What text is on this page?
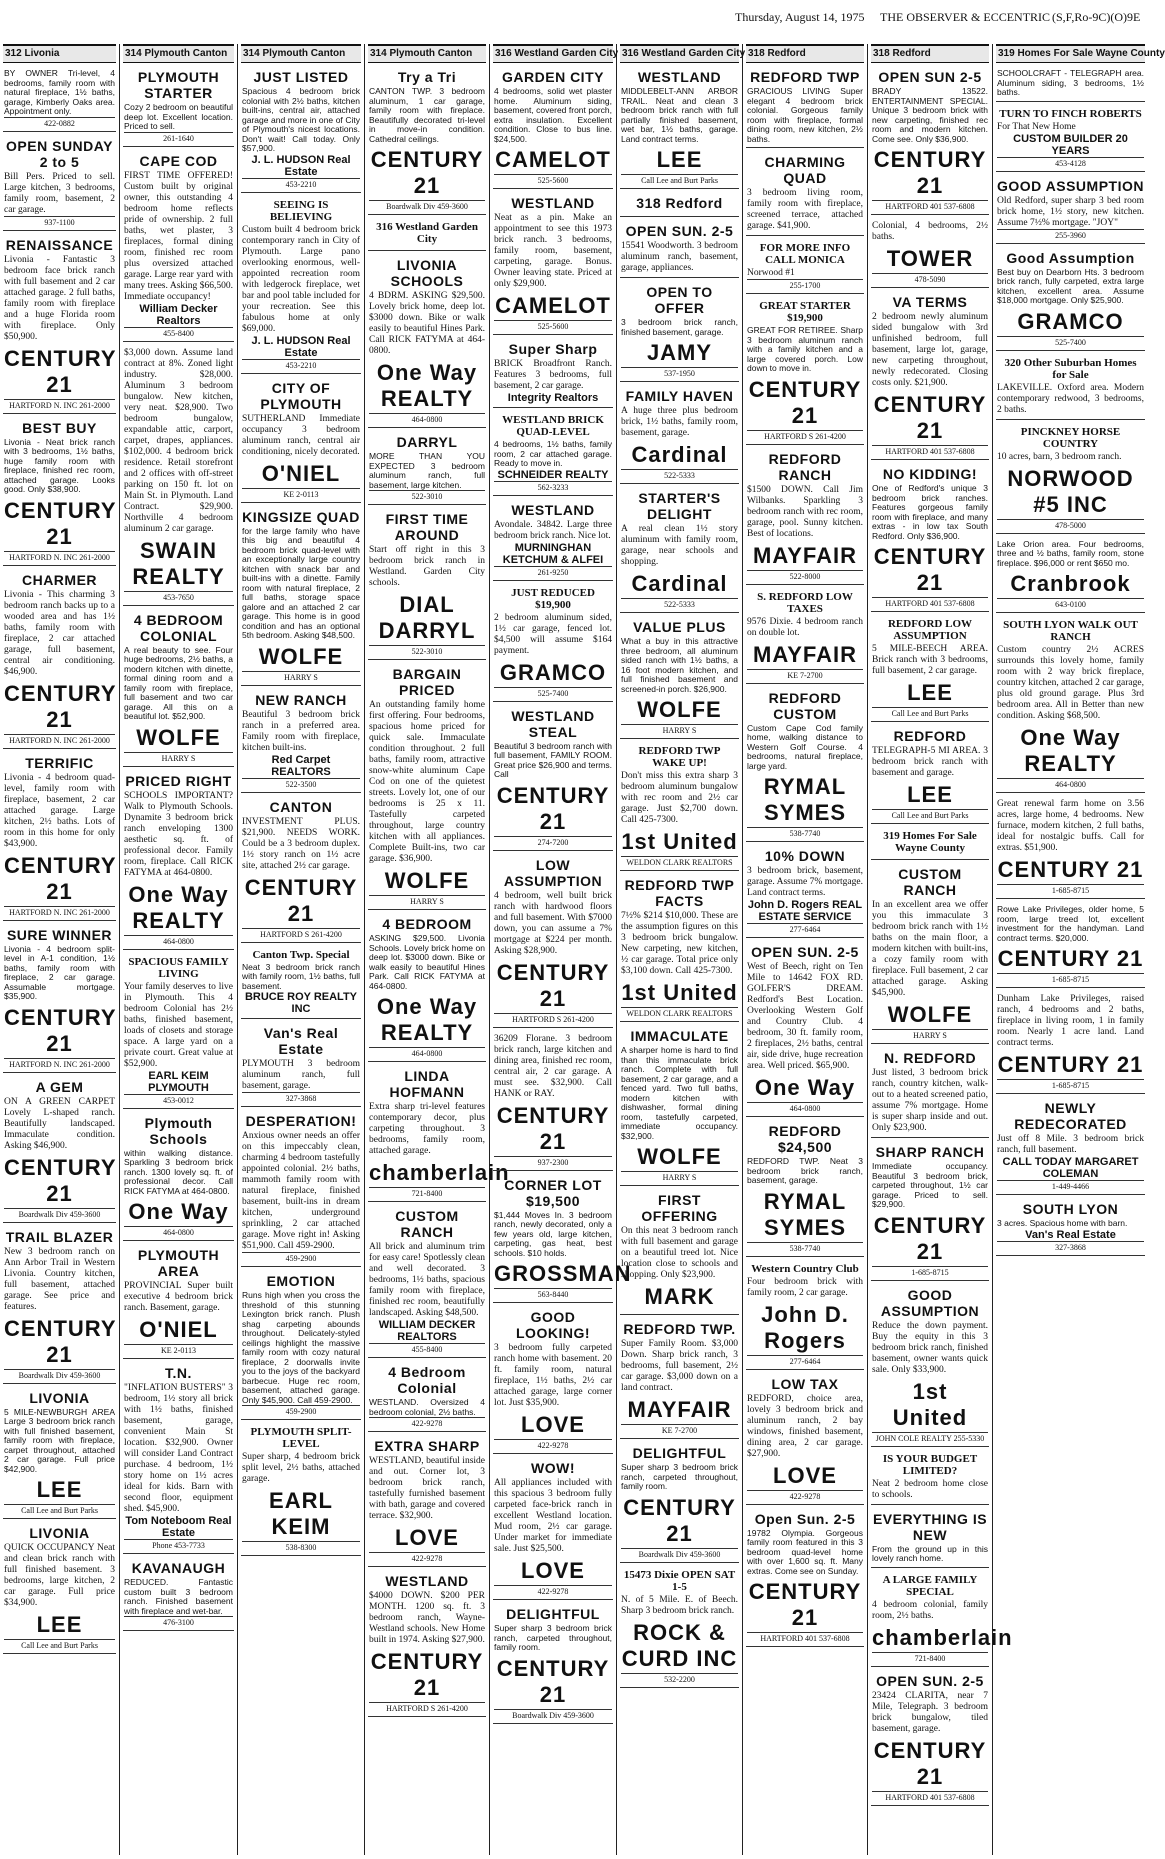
Thursday, August 14, 1975 THE OBSERVER & ECCENTRIC (S,F,Ro-9C)(O)9E
312 Livonia

BY OWNER Tri-level, 4 bedrooms, family room with natural fireplace, 1½ baths, garage, Kimberly Oaks area. Appointment only.

422-0882
OPEN SUNDAY 2 to 5

Bill Pers. Priced to sell. Large kitchen, 3 bedrooms, family room, basement, 2 car garage.

937-1100
RENAISSANCE

Livonia - Fantastic 3 bedroom face brick ranch with full basement and 2 car attached garage. 2 full baths, family room with fireplace and a huge Florida room with fireplace. Only $50,900.

CENTURY 21
HARTFORD N. INC 261-2000
BEST BUY

Livonia - Neat brick ranch with 3 bedrooms, 1½ baths, huge family room with fireplace, finished rec room, attached garage. Looks good. Only $38,900.

CENTURY 21
HARTFORD N. INC 261-2000
CHARMER

Livonia - This charming 3 bedroom ranch backs up to a wooded area and has 1½ baths, family room with fireplace, 2 car attached garage, full basement, central air conditioning. $46,900.

CENTURY 21
HARTFORD N. INC 261-2000
TERRIFIC

Livonia - 4 bedroom quad-level, family room with fireplace, basement, 2 car attached garage. Large kitchen, 2½ baths. Lots of room in this home for only $43,900.

CENTURY 21
HARTFORD N. INC 261-2000
SURE WINNER

Livonia - 4 bedroom split-level in A-1 condition, 1½ baths, family room with fireplace, 2 car garage. Assumable mortgage. $35,900.

CENTURY 21
HARTFORD N. INC 261-2000
A GEM

ON A GREEN CARPET Lovely L-shaped ranch. Beautifully landscaped. Immaculate condition. Asking $46,900.

CENTURY 21
Boardwalk Div 459-3600
TRAIL BLAZER

New 3 bedroom ranch on Ann Arbor Trail in Western Livonia. Country kitchen, full basement, attached garage. See price and features.

CENTURY 21
Boardwalk Div 459-3600
LIVONIA

5 MILE-NEWBURGH AREA Large 3 bedroom brick ranch with full finished basement, family room with fireplace, carpet throughout, attached 2 car garage. Full price $42,900.

LEE
Call Lee and Burt Parks
LIVONIA

QUICK OCCUPANCY Neat and clean brick ranch with full finished basement. 3 bedrooms, large kitchen, 2 car garage. Full price $34,900.

LEE
Call Lee and Burt Parks
314 Plymouth Canton
PLYMOUTH STARTER

Cozy 2 bedroom on beautiful deep lot. Excellent location. Priced to sell.

261-1640
CAPE COD

FIRST TIME OFFERED! Custom built by original owner, this outstanding 4 bedroom home reflects pride of ownership. 2 full baths, wet plaster, 3 fireplaces, formal dining room, finished rec room plus oversized attached garage. Large rear yard with many trees. Asking $66,500. Immediate occupancy!

William Decker Realtors
455-8400

$3,000 down. Assume land contract at 8%. Zoned light industry. $28,000. Aluminum 3 bedroom bungalow. New kitchen, very neat. $28,900. Two bedroom bungalow, expandable attic, carport, carpet, drapes, appliances. $102,000. 4 bedroom brick residence. Retail storefront and 2 offices with off-street parking on 150 ft. lot on Main St. in Plymouth. Land Contract. $29,900. Northville 4 bedroom aluminum 2 car garage.

SWAIN REALTY
453-7650
4 BEDROOM COLONIAL

A real beauty to see. Four huge bedrooms, 2½ baths, a modern kitchen with dinette, formal dining room and a family room with fireplace, full basement and two car garage. All this on a beautiful lot. $52,900.

WOLFE
HARRY S
PRICED RIGHT

SCHOOLS IMPORTANT? Walk to Plymouth Schools. Dynamite 3 bedroom brick ranch enveloping 1300 aesthetic sq. ft. of professional decor. Family room, fireplace. Call RICK FATYMA at 464-0800.

One Way REALTY
464-0800
SPACIOUS FAMILY LIVING

Your family deserves to live in Plymouth. This 4 bedroom Colonial has 2½ baths, finished basement, loads of closets and storage space. A large yard on a private court. Great value at $52,900.

EARL KEIM PLYMOUTH
453-0012
Plymouth Schools

within walking distance. Sparkling 3 bedroom brick ranch. 1300 lovely sq. ft. of professional decor. Call RICK FATYMA at 464-0800.

One Way
464-0800
PLYMOUTH AREA

PROVINCIAL Super built executive 4 bedroom brick ranch. Basement, garage.

O'NIEL
KE 2-0113
T.N.

"INFLATION BUSTERS" 3 bedroom, 1½ story all brick with 1½ baths, finished basement, garage, convenient Main St location. $32,900. Owner will consider Land Contract purchase. 4 bedroom, 1½ story home on 1½ acres ideal for kids. Barn with second floor, equipment shed. $45,900.

Tom Noteboom Real Estate
Phone 453-7733
KAVANAUGH

REDUCED. Fantastic custom built 3 bedroom ranch. Finished basement with fireplace and wet-bar.

476-3100
314 Plymouth Canton
JUST LISTED

Spacious 4 bedroom brick colonial with 2½ baths, kitchen built-ins, central air, attached garage and more in one of City of Plymouth's nicest locations. Don't wait! Call today. Only $57,900.

J. L. HUDSON Real Estate
453-2210
SEEING IS BELIEVING

Custom built 4 bedroom brick contemporary ranch in City of Plymouth. Large pano overlooking enormous, well-appointed recreation room with ledgerock fireplace, wet bar and pool table included for your recreation. See this fabulous home at only $69,000.

J. L. HUDSON Real Estate
453-2210
CITY OF PLYMOUTH

SUTHERLAND Immediate occupancy 3 bedroom aluminum ranch, central air conditioning, nicely decorated.

O'NIEL
KE 2-0113
KINGSIZE QUAD

for the large family who have this big and beautiful 4 bedroom brick quad-level with an exceptionally large country kitchen with snack bar and built-ins with a dinette. Family room with natural fireplace, 2 full baths, storage space galore and an attached 2 car garage. This home is in good condition and has an optional 5th bedroom. Asking $48,500.

WOLFE
HARRY S
NEW RANCH

Beautiful 3 bedroom brick ranch in a preferred area. Family room with fireplace, kitchen built-ins.

Red Carpet REALTORS
522-3500
CANTON

INVESTMENT PLUS. $21,900. NEEDS WORK. Could be a 3 bedroom duplex. 1½ story ranch on 1½ acre site, attached 2½ car garage.

CENTURY 21
HARTFORD S 261-4200
Canton Twp. Special

Neat 3 bedroom brick ranch with family room, 1½ baths, full basement.

BRUCE ROY REALTY INC
Van's Real Estate

PLYMOUTH 3 bedroom aluminum ranch, full basement, garage.

327-3868
DESPERATION!

Anxious owner needs an offer on this impeccably clean, charming 4 bedroom tastefully appointed colonial. 2½ baths, mammoth family room with natural fireplace, finished basement, built-ins in dream kitchen, underground sprinkling, 2 car attached garage. Move right in! Asking $51,900. Call 459-2900.

459-2900
EMOTION

Runs high when you cross the threshold of this stunning Lexington brick ranch. Plush shag carpeting abounds throughout. Delicately-styled ceilings highlight the massive family room with cozy natural fireplace, 2 doorwalls invite you to the joys of the backyard barbecue. Huge rec room, basement, attached garage. Only $45,900. Call 459-2900.

459-2900
PLYMOUTH SPLIT-LEVEL

Super sharp, 4 bedroom brick split level, 2½ baths, attached garage.

EARL KEIM
538-8300
314 Plymouth Canton
Try a Tri

CANTON TWP. 3 bedroom aluminum, 1 car garage, family room with fireplace. Beautifully decorated tri-level in move-in condition. Cathedral ceilings.

CENTURY 21
Boardwalk Div 459-3600
316 Westland Garden City
LIVONIA SCHOOLS

4 BDRM. ASKING $29,500. Lovely brick home, deep lot. $3000 down. Bike or walk easily to beautiful Hines Park. Call RICK FATYMA at 464-0800.

One Way REALTY
464-0800
DARRYL

MORE THAN YOU EXPECTED 3 bedroom aluminum ranch, full basement, large kitchen.

522-3010
FIRST TIME AROUND

Start off right in this 3 bedroom brick ranch in Westland. Garden City schools.

DIAL DARRYL
522-3010
BARGAIN PRICED

An outstanding family home first offering. Four bedrooms, spacious home priced for quick sale. Immaculate condition throughout. 2 full baths, family room, attractive snow-white aluminum Cape Cod on one of the quietest streets. Lovely lot, one of our bedrooms is 25 x 11. Tastefully carpeted throughout, large country kitchen with all appliances. Complete Built-ins, two car garage. $36,900.

WOLFE
HARRY S
4 BEDROOM

ASKING $29,500. Livonia Schools. Lovely brick home on deep lot. $3000 down. Bike or walk easily to beautiful Hines Park. Call RICK FATYMA at 464-0800.

One Way REALTY
464-0800
LINDA HOFMANN

Extra sharp tri-level features contemporary decor, plus carpeting throughout. 3 bedrooms, family room, attached garage.

chamberlain
721-8400
CUSTOM RANCH

All brick and aluminum trim for easy care! Spotlessly clean and well decorated. 3 bedrooms, 1½ baths, spacious family room with fireplace, finished rec room, beautifully landscaped. Asking $48,500.

WILLIAM DECKER REALTORS
455-8400
4 Bedroom Colonial

WESTLAND. Oversized 4 bedroom colonial, 2½ baths.

422-9278
EXTRA SHARP

WESTLAND, beautiful inside and out. Corner lot, 3 bedroom brick ranch, tastefully furnished basement with bath, garage and covered terrace. $32,900.

LOVE
422-9278
WESTLAND

$4000 DOWN. $200 PER MONTH. 1200 sq. ft. 3 bedroom ranch, Wayne-Westland schools. New Home built in 1974. Asking $27,900.

CENTURY 21
HARTFORD S 261-4200
316 Westland Garden City
GARDEN CITY

4 bedrooms, solid wet plaster home. Aluminum siding, basement, covered front porch, extra insulation. Excellent condition. Close to bus line. $24,500.

CAMELOT
525-5600
WESTLAND

Neat as a pin. Make an appointment to see this 1973 brick ranch. 3 bedrooms, family room, basement, carpeting, garage. Bonus. Owner leaving state. Priced at only $29,900.

CAMELOT
525-5600
Super Sharp

BRICK Broadfront Ranch. Features 3 bedrooms, full basement, 2 car garage.

Integrity Realtors
WESTLAND BRICK QUAD-LEVEL

4 bedrooms, 1½ baths, family room, 2 car attached garage. Ready to move in.

SCHNEIDER REALTY
562-3233
WESTLAND

Avondale. 34842. Large three bedroom brick ranch. Nice lot.

MURNINGHAN KETCHUM & ALFEI
261-9250
JUST REDUCED $19,900

2 bedroom aluminum sided, 1½ car garage, fenced lot. $4,500 will assume $164 payment.

GRAMCO
525-7400
WESTLAND STEAL

Beautiful 3 bedroom ranch with full basement, FAMILY ROOM. Great price $26,900 and terms. Call

CENTURY 21
274-7200
LOW ASSUMPTION

4 bedroom, well built brick ranch with hardwood floors and full basement. With $7000 down, you can assume a 7% mortgage at $224 per month. Asking $28,900.

CENTURY 21
HARTFORD S 261-4200

36209 Florane. 3 bedroom brick ranch, large kitchen and dining area, finished rec room, central air, 2 car garage. A must see. $32,900. Call HANK or RAY.

CENTURY 21
937-2300
CORNER LOT $19,500

$1,444 Moves In. 3 bedroom ranch, newly decorated, only a few years old, large kitchen, carpeting, gas heat, best schools. $10 holds.

GROSSMAN
563-8440
GOOD LOOKING!

3 bedroom fully carpeted ranch home with basement. 20 ft. family room, natural fireplace, 1½ baths, 2½ car attached garage, large corner lot. Just $35,900.

LOVE
422-9278
WOW!

All appliances included with this spacious 3 bedroom fully carpeted face-brick ranch in excellent Westland location. Mud room, 2½ car garage. Under market for immediate sale. Just $25,500.

LOVE
422-9278
DELIGHTFUL

Super sharp 3 bedroom brick ranch, carpeted throughout, family room.

CENTURY 21
Boardwalk Div 459-3600
316 Westland Garden City
WESTLAND

MIDDLEBELT-ANN ARBOR TRAIL. Neat and clean 3 bedroom brick ranch with full partially finished basement, wet bar, 1½ baths, garage. Land contract terms.

LEE
Call Lee and Burt Parks
318 Redford
OPEN SUN. 2-5

15541 Woodworth. 3 bedroom aluminum ranch, basement, garage, appliances.

OPEN TO OFFER

3 bedroom brick ranch, finished basement, garage.

JAMY
537-1950
FAMILY HAVEN

A huge three plus bedroom brick, 1½ baths, family room, basement, garage.

Cardinal
522-5333
STARTER'S DELIGHT

A real clean 1½ story aluminum with family room, garage, near schools and shopping.

Cardinal
522-5333
VALUE PLUS

What a buy in this attractive three bedroom, all aluminum sided ranch with 1½ baths, a 16 foot modern kitchen, and full finished basement and screened-in porch. $26,900.

WOLFE
HARRY S
REDFORD TWP WAKE UP!

Don't miss this extra sharp 3 bedroom aluminum bungalow with rec room and 2½ car garage. Just $2,700 down. Call 425-7300.

1st United
WELDON CLARK REALTORS
REDFORD TWP FACTS

7½% $214 $10,000. These are the assumption figures on this 3 bedroom brick bungalow. New carpeting, new kitchen, ½ car garage. Total price only $3,100 down. Call 425-7300.

1st United
WELDON CLARK REALTORS
IMMACULATE

A sharper home is hard to find than this immaculate brick ranch. Complete with full basement, 2 car garage, and a fenced yard. Two full baths, modern kitchen with dishwasher, formal dining room, tastefully carpeted, immediate occupancy. $32,900.

WOLFE
HARRY S
FIRST OFFERING

On this neat 3 bedroom ranch with full basement and garage on a beautiful treed lot. Nice location close to schools and shopping. Only $23,900.

MARK
REDFORD TWP.

Super Family Room. $3,000 Down. Sharp brick ranch, 3 bedrooms, full basement, 2½ car garage. $3,000 down on a land contract.

MAYFAIR
KE 7-2700
DELIGHTFUL

Super sharp 3 bedroom brick ranch, carpeted throughout, family room.

CENTURY 21
Boardwalk Div 459-3600
15473 Dixie OPEN SAT 1-5

N. of 5 Mile. E. of Beech. Sharp 3 bedroom brick ranch.

ROCK & CURD INC
532-2200
318 Redford
REDFORD TWP

GRACIOUS LIVING Super elegant 4 bedroom brick colonial. Gorgeous family room with fireplace, formal dining room, new kitchen, 2½ baths.

CHARMING QUAD

3 bedroom living room, family room with fireplace, screened terrace, attached garage. $41,900.

FOR MORE INFO CALL MONICA

Norwood #1

255-1700
GREAT STARTER $19,900

GREAT FOR RETIREE. Sharp 3 bedroom aluminum ranch with a family kitchen and a large covered porch. Low down to move in.

CENTURY 21
HARTFORD S 261-4200
REDFORD RANCH

$1500 DOWN. Call Jim Wilbanks. Sparkling 3 bedroom ranch with rec room, garage, pool. Sunny kitchen. Best of locations.

MAYFAIR
522-8000
S. REDFORD LOW TAXES

9576 Dixie. 4 bedroom ranch on double lot.

MAYFAIR
KE 7-2700
REDFORD CUSTOM

Custom Cape Cod family home, walking distance to Western Golf Course. 4 bedrooms, natural fireplace, large yard.

RYMAL SYMES
538-7740
10% DOWN

3 bedroom brick, basement, garage. Assume 7% mortgage. Land contract terms.

John D. Rogers REAL ESTATE SERVICE
277-6464
OPEN SUN. 2-5

West of Beech, right on Ten Mile to 14642 FOX RD. GOLFER'S DREAM. Redford's Best Location. Overlooking Western Golf and Country Club. 4 bedroom, 30 ft. family room, 2 fireplaces, 2½ baths, central air, side drive, huge recreation area. Well priced. $65,900.

One Way
464-0800
REDFORD $24,500

REDFORD TWP. Neat 3 bedroom brick ranch, basement, garage.

RYMAL SYMES
538-7740
Western Country Club

Four bedroom brick with family room, 2 car garage.

John D. Rogers
277-6464
LOW TAX

REDFORD, choice area, lovely 3 bedroom brick and aluminum ranch, 2 bay windows, finished basement, dining area, 2 car garage. $27,900.

LOVE
422-9278
Open Sun. 2-5

19782 Olympia. Gorgeous family room featured in this 3 bedroom quad-level home with over 1,600 sq. ft. Many extras. Come see on Sunday.

CENTURY 21
HARTFORD 401 537-6808
318 Redford
OPEN SUN 2-5

BRADY 13522. ENTERTAINMENT SPECIAL. Unique 3 bedroom brick with new carpeting, finished rec room and modern kitchen. Come see. Only $36,900.

CENTURY 21
HARTFORD 401 537-6808

Colonial, 4 bedrooms, 2½ baths.

TOWER
478-5090
VA TERMS

2 bedroom newly aluminum sided bungalow with 3rd unfinished bedroom, full basement, large lot, garage, new carpeting throughout, newly redecorated. Closing costs only. $21,900.

CENTURY 21
HARTFORD 401 537-6808
NO KIDDING!

One of Redford's unique 3 bedroom brick ranches. Features gorgeous family room with fireplace, and many extras - in low tax South Redford. Only $36,900.

CENTURY 21
HARTFORD 401 537-6808
REDFORD LOW ASSUMPTION

5 MILE-BEECH AREA. Brick ranch with 3 bedrooms, full basement, 2 car garage.

LEE
Call Lee and Burt Parks
REDFORD

TELEGRAPH-5 MI AREA. 3 bedroom brick ranch with basement and garage.

LEE
Call Lee and Burt Parks
319 Homes For Sale Wayne County
CUSTOM RANCH

In an excellent area we offer you this immaculate 3 bedroom brick ranch with 1½ baths on the main floor, a modern kitchen with built-ins, a cozy family room with fireplace. Full basement, 2 car attached garage. Asking $45,900.

WOLFE
HARRY S
N. REDFORD

Just listed, 3 bedroom brick ranch, country kitchen, walk-out to a heated screened patio, assume 7% mortgage. Home is super sharp inside and out. Only $23,900.

SHARP RANCH

Immediate occupancy. Beautiful 3 bedroom brick, carpeted throughout, 1½ car garage. Priced to sell. $29,900.

CENTURY 21
1-685-8715
GOOD ASSUMPTION

Reduce the down payment. Buy the equity in this 3 bedroom brick ranch, finished basement, owner wants quick sale. Only $33,900.

1st United
JOHN COLE REALTY 255-5330
IS YOUR BUDGET LIMITED?

Neat 2 bedroom home close to schools.

EVERYTHING IS NEW

From the ground up in this lovely ranch home.

A LARGE FAMILY SPECIAL

4 bedroom colonial, family room, 2½ baths.

chamberlain
721-8400
OPEN SUN. 2-5

23424 CLARITA, near 7 Mile, Telegraph. 3 bedroom brick bungalow, tiled basement, garage.

CENTURY 21
HARTFORD 401 537-6808
319 Homes For Sale Wayne County

SCHOOLCRAFT - TELEGRAPH area. Aluminum siding, 3 bedrooms, 1½ baths.

TURN TO FINCH ROBERTS

For That New Home

CUSTOM BUILDER 20 YEARS
453-4128
GOOD ASSUMPTION

Old Redford, super sharp 3 bed room brick home, 1½ story, new kitchen. Assume 7½% mortgage. "JOY"

255-3960
Good Assumption

Best buy on Dearborn Hts. 3 bedroom brick ranch, fully carpeted, extra large kitchen, excellent area. Assume $18,000 mortgage. Only $25,900.

GRAMCO
525-7400
320 Other Suburban Homes for Sale

LAKEVILLE. Oxford area. Modern contemporary redwood, 3 bedrooms, 2 baths.

PINCKNEY HORSE COUNTRY

10 acres, barn, 3 bedroom ranch.

NORWOOD #5 INC
478-5000

Lake Orion area. Four bedrooms, three and ½ baths, family room, stone fireplace. $96,000 or rent $650 mo.

Cranbrook
643-0100
SOUTH LYON WALK OUT RANCH

Custom country 2½ ACRES surrounds this lovely home, family room with 2 way brick fireplace, country kitchen, attached 2 car garage, plus old ground garage. Plus 3rd bedroom area. All in Better than new condition. Asking $68,500.

One Way REALTY
464-0800

Great renewal farm home on 3.56 acres, large home, 4 bedrooms. New furnace, modern kitchen, 2 full baths, ideal for nostalgic buffs. Call for extras. $51,900.

CENTURY 21
1-685-8715

Rowe Lake Privileges, older home, 5 room, large treed lot, excellent investment for the handyman. Land contract terms. $20,000.

CENTURY 21
1-685-8715

Dunham Lake Privileges, raised ranch, 4 bedrooms and 2 baths, fireplace in living room, 1 in family room. Nearly 1 acre land. Land contract terms.

CENTURY 21
1-685-8715
NEWLY REDECORATED

Just off 8 Mile. 3 bedroom brick ranch, full basement.

CALL TODAY MARGARET COLEMAN
1-449-4466
SOUTH LYON

3 acres. Spacious home with barn.

Van's Real Estate
327-3868
